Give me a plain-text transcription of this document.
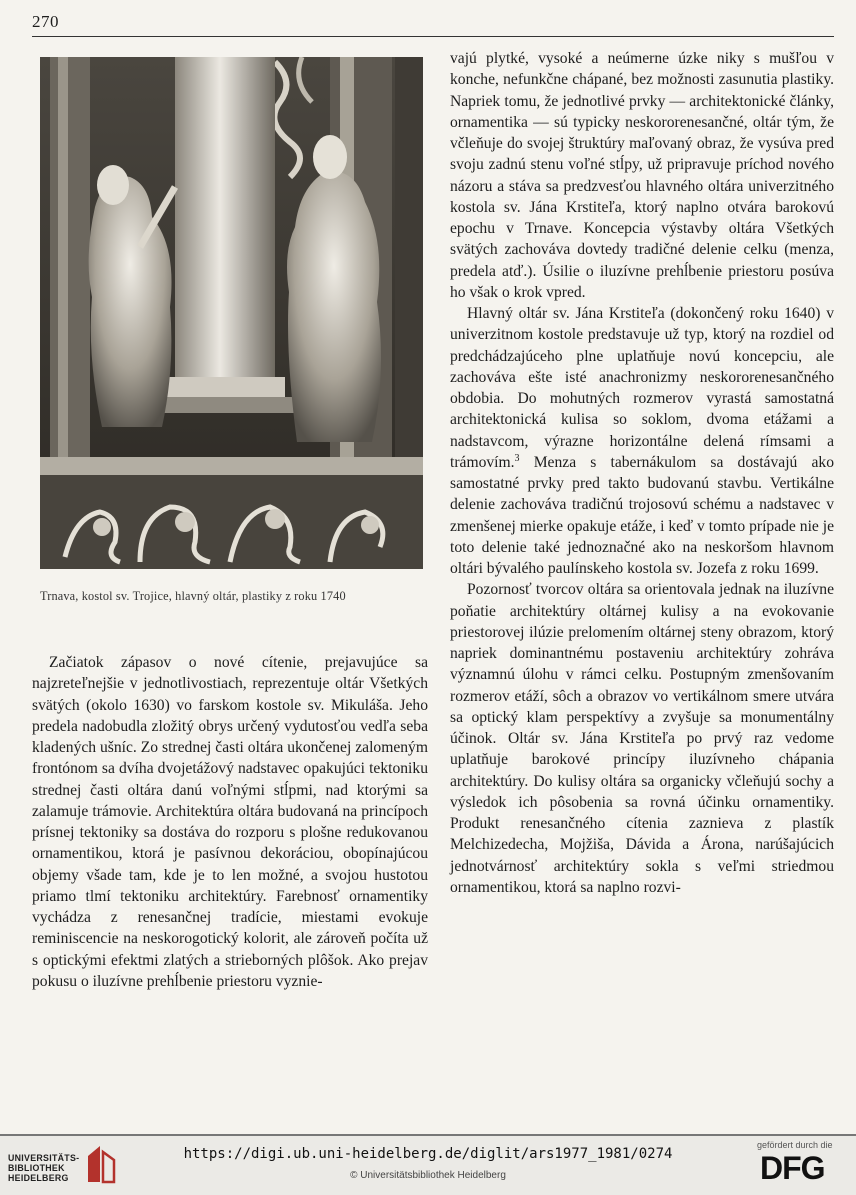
270
Trnava, kostol sv. Trojice, hlavný oltár, plastiky z roku 1740

Začiatok zápasov o nové cítenie, prejavujúce sa najzreteľnejšie v jednotlivostiach, reprezentuje oltár Všetkých svätých (okolo 1630) vo farskom kostole sv. Mikuláša. Jeho predela nadobudla zložitý obrys určený vydutosťou vedľa seba kladených ušníc. Zo strednej časti oltára ukončenej zalomeným frontónom sa dvíha dvojetážový nadstavec opakujúci tektoniku strednej časti oltára danú voľnými stĺpmi, nad ktorými sa zalamuje trámovie. Architektúra oltára budovaná na princípoch prísnej tektoniky sa dostáva do rozporu s plošne redukovanou ornamentikou, ktorá je pasívnou dekoráciou, obopínajúcou objemy všade tam, kde je to len možné, a svojou hustotou priamo tlmí tektoniku architektúry. Farebnosť ornamentiky vychádza z renesančnej tradície, miestami evokuje reminiscencie na neskorogotický kolorit, ale zároveň počíta už s optickými efektmi zlatých a strieborných plôšok. Ako prejav pokusu o iluzívne prehĺbenie priestoru vyznie-

vajú plytké, vysoké a neúmerne úzke niky s mušľou v konche, nefunkčne chápané, bez možnosti zasunutia plastiky. Napriek tomu, že jednotlivé prvky — architektonické články, ornamentika — sú typicky neskororenesančné, oltár tým, že včleňuje do svojej štruktúry maľovaný obraz, že vysúva pred svoju zadnú stenu voľné stĺpy, už pripravuje príchod nového názoru a stáva sa predzvesťou hlavného oltára univerzitného kostola sv. Jána Krstiteľa, ktorý naplno otvára barokovú epochu v Trnave. Koncepcia výstavby oltára Všetkých svätých zachováva dovtedy tradičné delenie celku (menza, predela atď.). Úsilie o iluzívne prehĺbenie priestoru posúva ho však o krok vpred.

Hlavný oltár sv. Jána Krstiteľa (dokončený roku 1640) v univerzitnom kostole predstavuje už typ, ktorý na rozdiel od predchádzajúceho plne uplatňuje novú koncepciu, ale zachováva ešte isté anachronizmy neskororenesančného obdobia. Do mohutných rozmerov vyrastá samostatná architektonická kulisa so soklom, dvoma etážami a nadstavcom, výrazne horizontálne delená rímsami a trámovím.$^3$ Menza s tabernákulom sa dostávajú ako samostatné prvky pred takto budovanú stavbu. Vertikálne delenie zachováva tradičnú trojosovú schému a nadstavec v zmenšenej mierke opakuje etáže, i keď v tomto prípade nie je toto delenie také jednoznačné ako na neskoršom hlavnom oltári bývalého paulínskeho kostola sv. Jozefa z roku 1699.

Pozornosť tvorcov oltára sa orientovala jednak na iluzívne poňatie architektúry oltárnej kulisy a na evokovanie priestorovej ilúzie prelomením oltárnej steny obrazom, ktorý napriek dominantnému postaveniu architektúry zohráva významnú úlohu v rámci celku. Postupným zmenšovaním rozmerov etáží, sôch a obrazov vo vertikálnom smere utvára sa optický klam perspektívy a zvyšuje sa monumentálny účinok. Oltár sv. Jána Krstiteľa po prvý raz vedome uplatňuje barokové princípy iluzívneho chápania architektúry. Do kulisy oltára sa organicky včleňujú sochy a výsledok ich pôsobenia sa rovná účinku ornamentiky. Produkt renesančného cítenia zaznieva z plastík Melchizedecha, Mojžiša, Dávida a Árona, narúšajúcich jednotvárnosť architektúry sokla s veľmi striedmou ornamentikou, ktorá sa naplno rozvi-

UNIVERSITÄTS-
BIBLIOTHEK
HEIDELBERG
https://digi.ub.uni-heidelberg.de/diglit/ars1977_1981/0274
© Universitätsbibliothek Heidelberg
gefördert durch die
DFG
